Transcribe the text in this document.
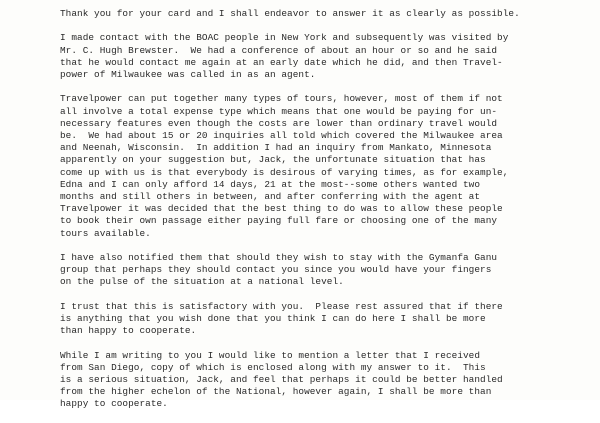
Thank you for your card and I shall endeavor to answer it as clearly as possible.
I made contact with the BOAC people in New York and subsequently was visited by
Mr. C. Hugh Brewster.  We had a conference of about an hour or so and he said
that he would contact me again at an early date which he did, and then Travel-
power of Milwaukee was called in as an agent.
Travelpower can put together many types of tours, however, most of them if not
all involve a total expense type which means that one would be paying for un-
necessary features even though the costs are lower than ordinary travel would
be.  We had about 15 or 20 inquiries all told which covered the Milwaukee area
and Neenah, Wisconsin.  In addition I had an inquiry from Mankato, Minnesota
apparently on your suggestion but, Jack, the unfortunate situation that has
come up with us is that everybody is desirous of varying times, as for example,
Edna and I can only afford 14 days, 21 at the most--some others wanted two
months and still others in between, and after conferring with the agent at
Travelpower it was decided that the best thing to do was to allow these people
to book their own passage either paying full fare or choosing one of the many
tours available.
I have also notified them that should they wish to stay with the Gymanfa Ganu
group that perhaps they should contact you since you would have your fingers
on the pulse of the situation at a national level.
I trust that this is satisfactory with you.  Please rest assured that if there
is anything that you wish done that you think I can do here I shall be more
than happy to cooperate.
While I am writing to you I would like to mention a letter that I received
from San Diego, copy of which is enclosed along with my answer to it.  This
is a serious situation, Jack, and feel that perhaps it could be better handled
from the higher echelon of the National, however again, I shall be more than
happy to cooperate.
